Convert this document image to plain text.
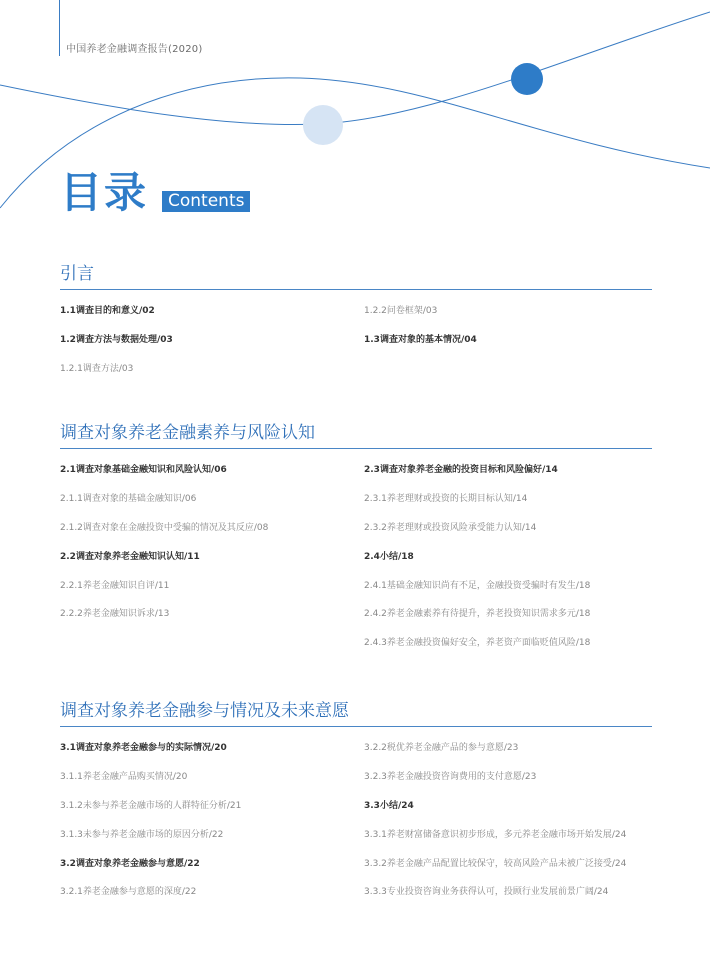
中国养老金融调查报告(2020)
目录	Contents
引言
1.1调查目的和意义/02
1.2调查方法与数据处理/03
1.2.1调查方法/03
1.2.2问卷框架/03
1.3调查对象的基本情况/04
调查对象养老金融素养与风险认知
2.1调查对象基础金融知识和风险认知/06
2.1.1调查对象的基础金融知识/06
2.1.2调查对象在金融投资中受骗的情况及其反应/08
2.2调查对象养老金融知识认知/11
2.2.1养老金融知识自评/11
2.2.2养老金融知识诉求/13
2.3调查对象养老金融的投资目标和风险偏好/14
2.3.1养老理财或投资的长期目标认知/14
2.3.2养老理财或投资风险承受能力认知/14
2.4小结/18
2.4.1基础金融知识尚有不足，金融投资受骗时有发生/18
2.4.2养老金融素养有待提升，养老投资知识需求多元/18
2.4.3养老金融投资偏好安全，养老资产面临贬值风险/18
调查对象养老金融参与情况及未来意愿
3.1调查对象养老金融参与的实际情况/20
3.1.1养老金融产品购买情况/20
3.1.2未参与养老金融市场的人群特征分析/21
3.1.3未参与养老金融市场的原因分析/22
3.2调查对象养老金融参与意愿/22
3.2.1养老金融参与意愿的深度/22
3.2.2税优养老金融产品的参与意愿/23
3.2.3养老金融投资咨询费用的支付意愿/23
3.3小结/24
3.3.1养老财富储备意识初步形成，多元养老金融市场开始发展/24
3.3.2养老金融产品配置比较保守，较高风险产品未被广泛接受/24
3.3.3专业投资咨询业务获得认可，投顾行业发展前景广阔/24
